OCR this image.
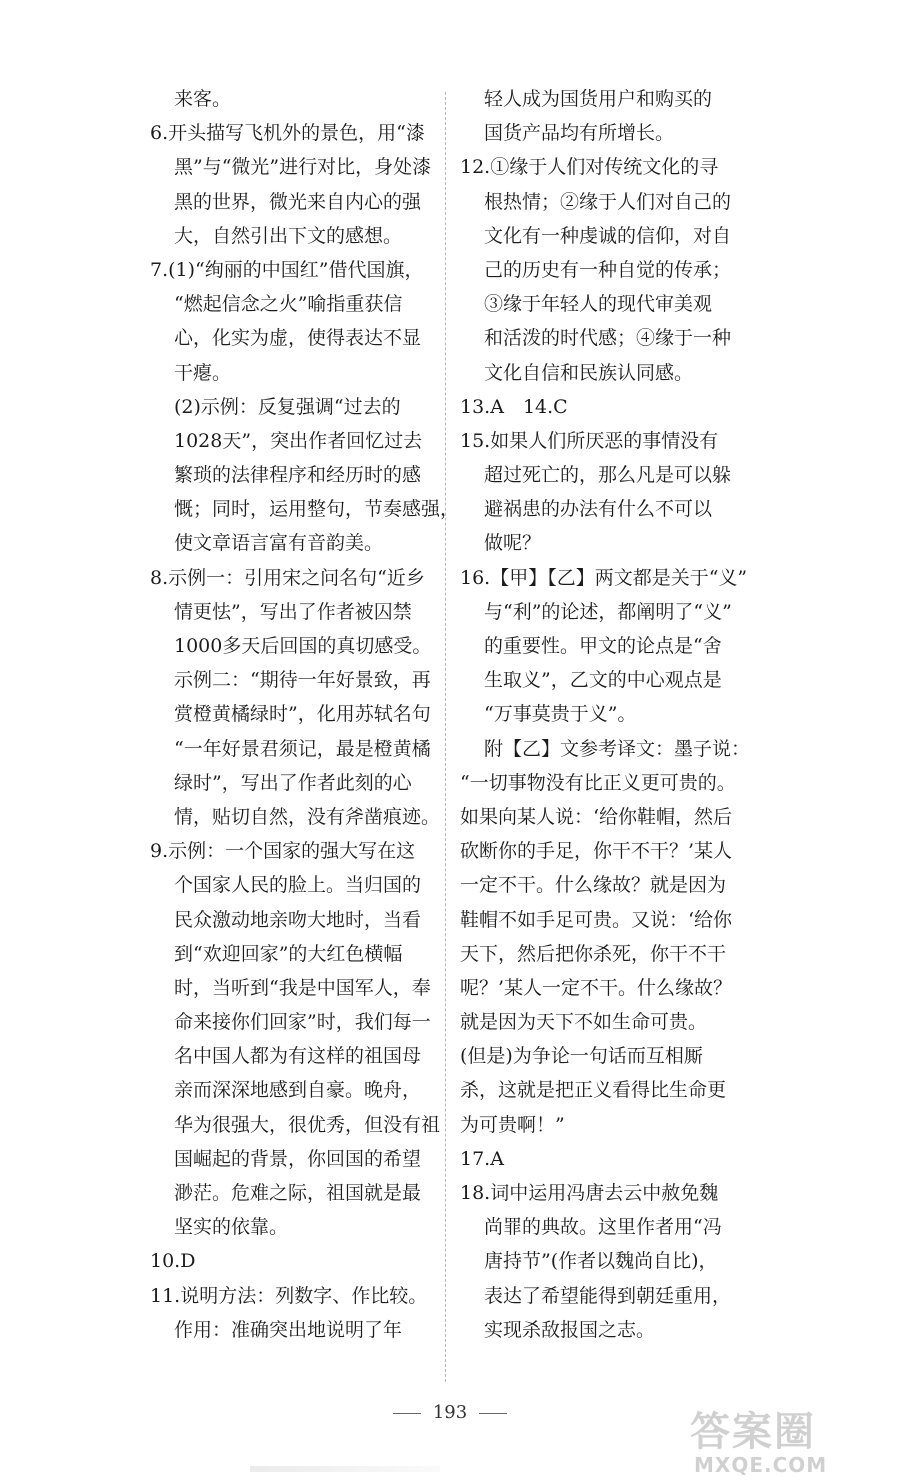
来客。
6.开头描写飞机外的景色，用“漆
黑”与“微光”进行对比，身处漆
黑的世界，微光来自内心的强
大，自然引出下文的感想。
7.(1)“绚丽的中国红”借代国旗，
“燃起信念之火”喻指重获信
心，化实为虚，使得表达不显
干瘪。
(2)示例：反复强调“过去的
1028天”，突出作者回忆过去
繁琐的法律程序和经历时的感
慨；同时，运用整句，节奏感强，
使文章语言富有音韵美。
8.示例一：引用宋之问名句“近乡
情更怯”，写出了作者被囚禁
1000多天后回国的真切感受。
示例二：“期待一年好景致，再
赏橙黄橘绿时”，化用苏轼名句
“一年好景君须记，最是橙黄橘
绿时”，写出了作者此刻的心
情，贴切自然，没有斧凿痕迹。
9.示例：一个国家的强大写在这
个国家人民的脸上。当归国的
民众激动地亲吻大地时，当看
到“欢迎回家”的大红色横幅
时，当听到“我是中国军人，奉
命来接你们回家”时，我们每一
名中国人都为有这样的祖国母
亲而深深地感到自豪。晚舟，
华为很强大，很优秀，但没有祖
国崛起的背景，你回国的希望
渺茫。危难之际，祖国就是最
坚实的依靠。
10.D
11.说明方法：列数字、作比较。
作用：准确突出地说明了年
轻人成为国货用户和购买的
国货产品均有所增长。
12.①缘于人们对传统文化的寻
根热情；②缘于人们对自己的
文化有一种虔诚的信仰，对自
己的历史有一种自觉的传承；
③缘于年轻人的现代审美观
和活泼的时代感；④缘于一种
文化自信和民族认同感。
13.A　14.C
15.如果人们所厌恶的事情没有
超过死亡的，那么凡是可以躲
避祸患的办法有什么不可以
做呢？
16.【甲】【乙】两文都是关于“义”
与“利”的论述，都阐明了“义”
的重要性。甲文的论点是“舍
生取义”，乙文的中心观点是
“万事莫贵于义”。
附【乙】文参考译文：墨子说：
“一切事物没有比正义更可贵的。
如果向某人说：‘给你鞋帽，然后
砍断你的手足，你干不干？’某人
一定不干。什么缘故？就是因为
鞋帽不如手足可贵。又说：‘给你
天下，然后把你杀死，你干不干
呢？’某人一定不干。什么缘故？
就是因为天下不如生命可贵。
(但是)为争论一句话而互相厮
杀，这就是把正义看得比生命更
为可贵啊！”
17.A
18.词中运用冯唐去云中赦免魏
尚罪的典故。这里作者用“冯
唐持节”(作者以魏尚自比)，
表达了希望能得到朝廷重用，
实现杀敌报国之志。
193	答案圈
MXQE.COM
